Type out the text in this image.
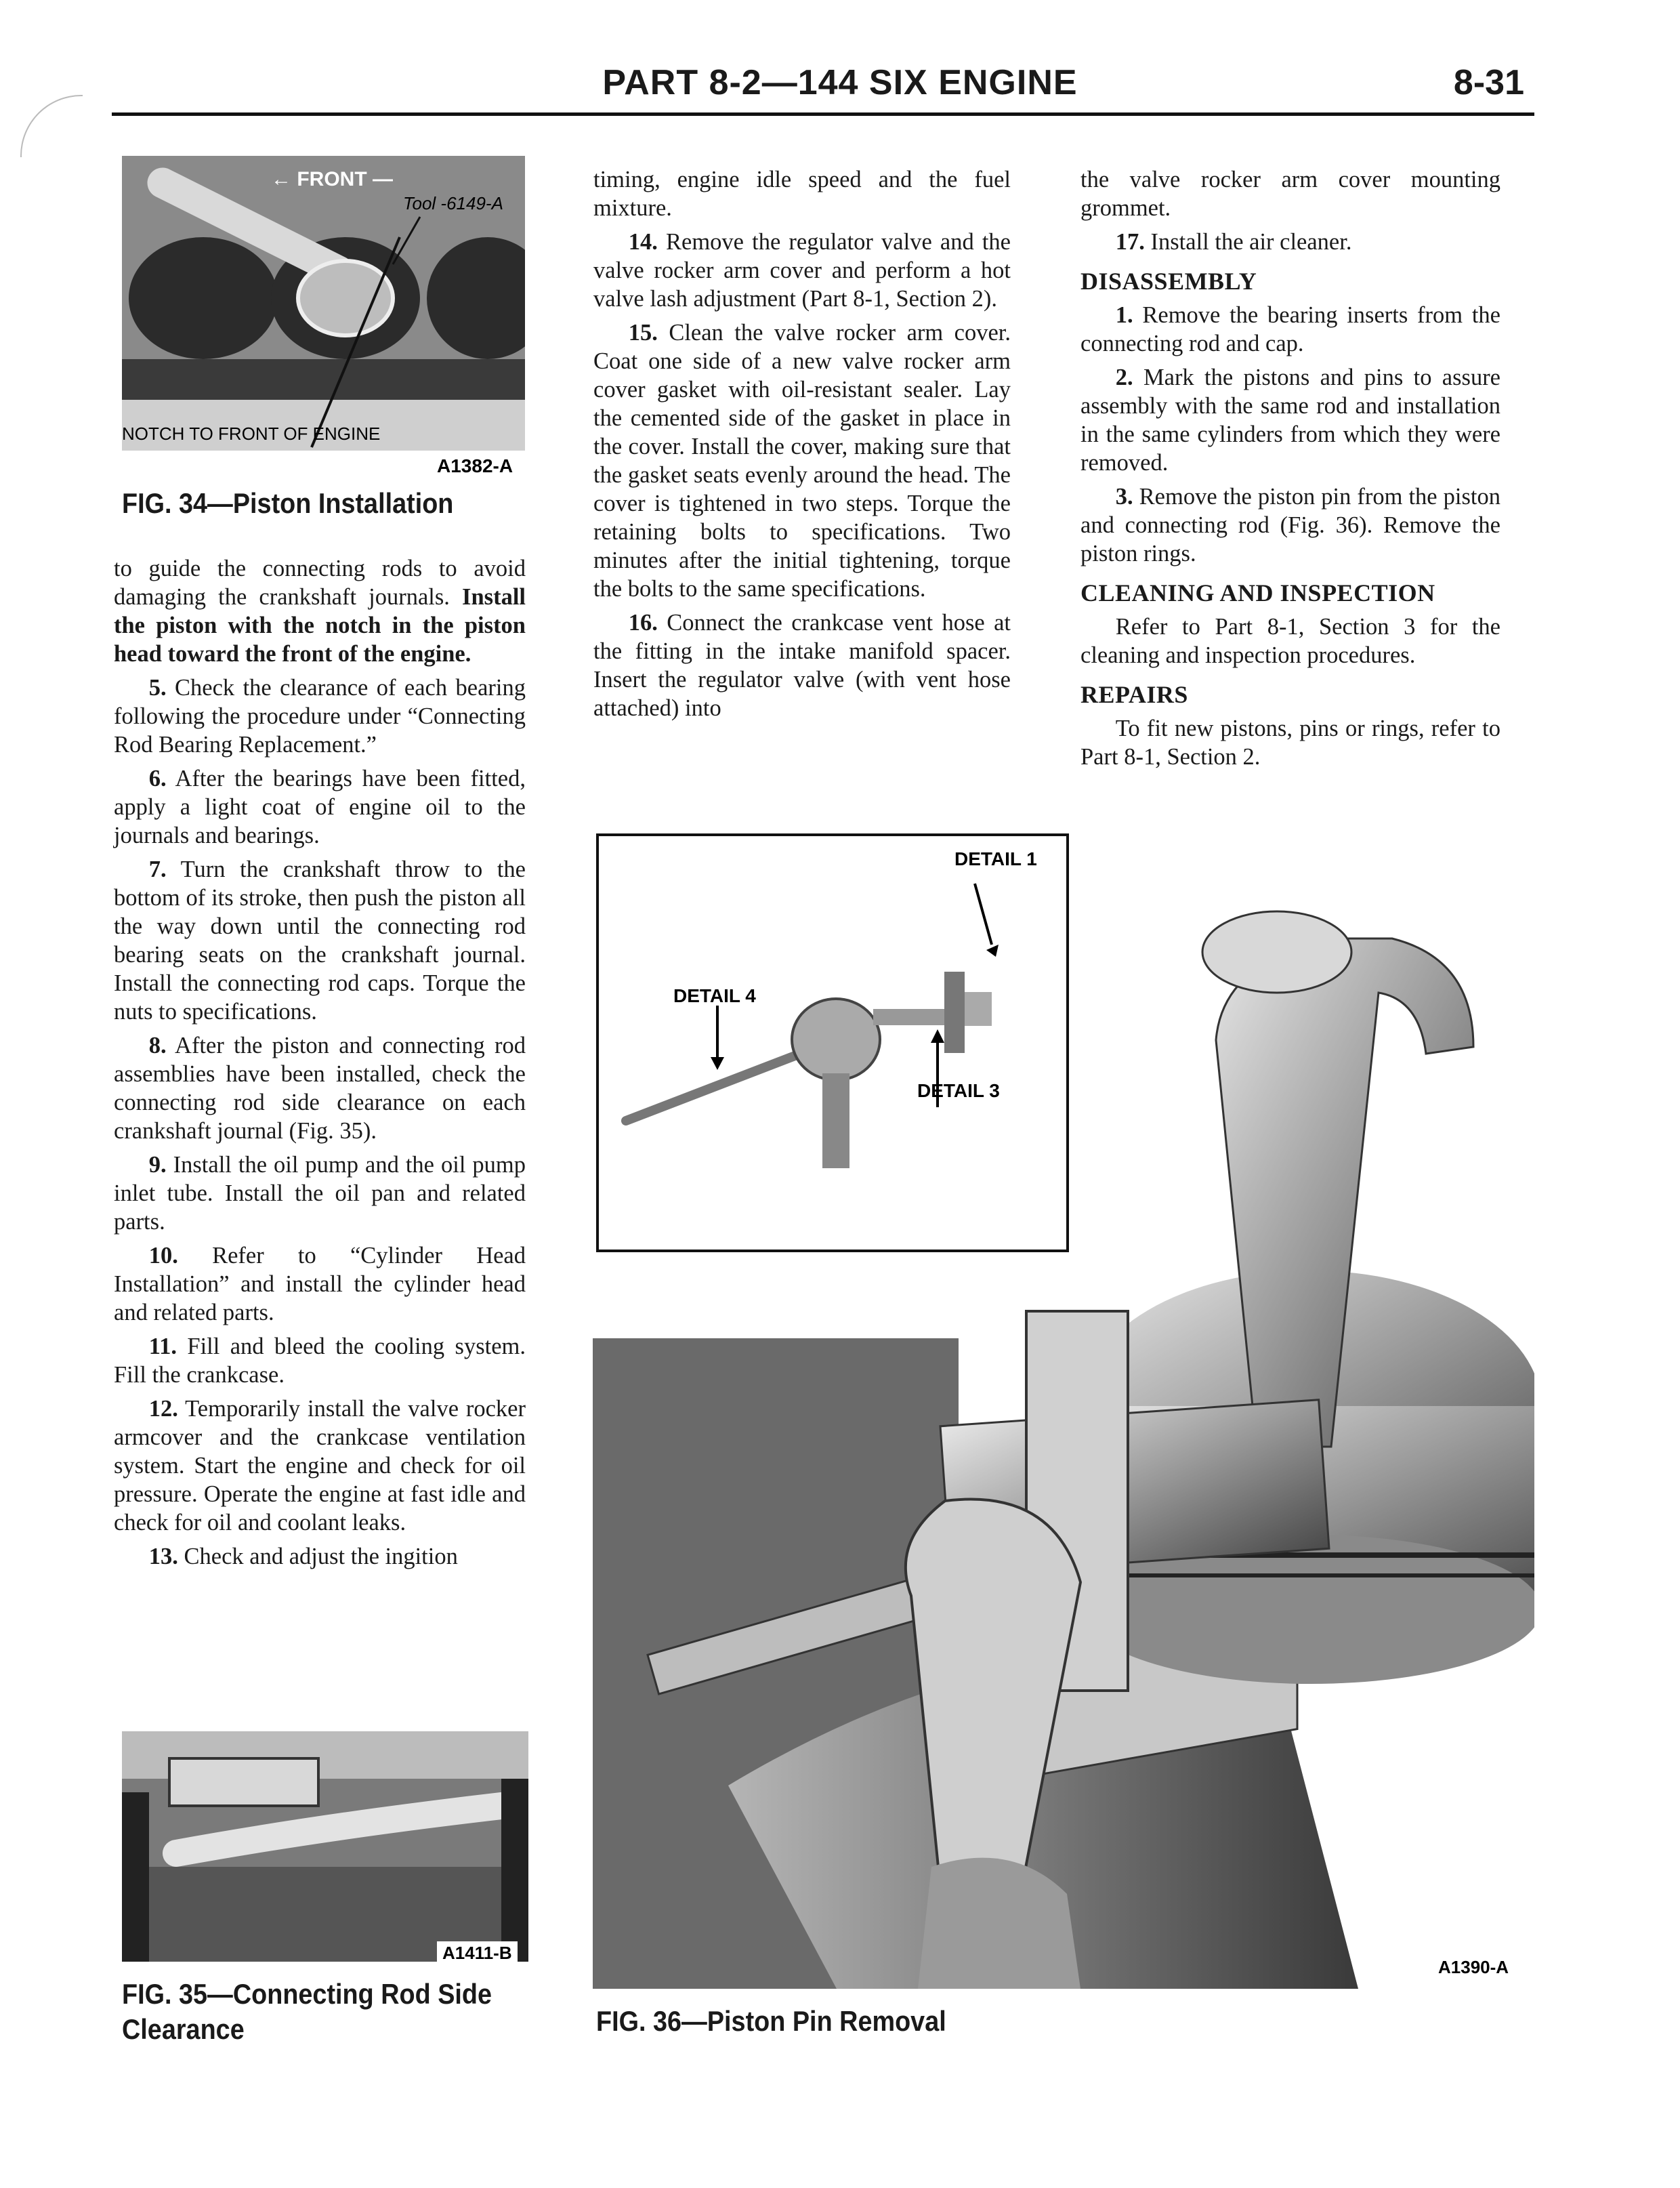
PART 8-2—144 SIX ENGINE	8-31
← FRONT —
Tool -6149-A
NOTCH TO FRONT OF ENGINE
A1382-A
FIG. 34—Piston Installation

to guide the connecting rods to avoid damaging the crankshaft journals. Install the piston with the notch in the piston head toward the front of the engine.

5. Check the clearance of each bearing following the procedure under “Connecting Rod Bearing Replacement.”

6. After the bearings have been fitted, apply a light coat of engine oil to the journals and bearings.

7. Turn the crankshaft throw to the bottom of its stroke, then push the piston all the way down until the connecting rod bearing seats on the crankshaft journal. Install the connecting rod caps. Torque the nuts to specifications.

8. After the piston and connecting rod assemblies have been installed, check the connecting rod side clearance on each crankshaft journal (Fig. 35).

9. Install the oil pump and the oil pump inlet tube. Install the oil pan and related parts.

10. Refer to “Cylinder Head Installation” and install the cylinder head and related parts.

11. Fill and bleed the cooling system. Fill the crankcase.

12. Temporarily install the valve rocker armcover and the crankcase ventilation system. Start the engine and check for oil pressure. Operate the engine at fast idle and check for oil and coolant leaks.

13. Check and adjust the ingition

A1411-B
FIG. 35—Connecting Rod Side
Clearance

timing, engine idle speed and the fuel mixture.

14. Remove the regulator valve and the valve rocker arm cover and perform a hot valve lash adjustment (Part 8-1, Section 2).

15. Clean the valve rocker arm cover. Coat one side of a new valve rocker arm cover gasket with oil-resistant sealer. Lay the cemented side of the gasket in place in the cover. Install the cover, making sure that the gasket seats evenly around the head. The cover is tightened in two steps. Torque the retaining bolts to specifications. Two minutes after the initial tightening, torque the bolts to the same specifications.

16. Connect the crankcase vent hose at the fitting in the intake manifold spacer. Insert the regulator valve (with vent hose attached) into

the valve rocker arm cover mounting grommet.

17. Install the air cleaner.

DISASSEMBLY

1. Remove the bearing inserts from the connecting rod and cap.

2. Mark the pistons and pins to assure assembly with the same rod and installation in the same cylinders from which they were removed.

3. Remove the piston pin from the piston and connecting rod (Fig. 36). Remove the piston rings.

CLEANING AND INSPECTION

Refer to Part 8-1, Section 3 for the cleaning and inspection procedures.

REPAIRS

To fit new pistons, pins or rings, refer to Part 8-1, Section 2.

DETAIL 1
DETAIL 4
DETAIL 3
A1390-A
FIG. 36—Piston Pin Removal
